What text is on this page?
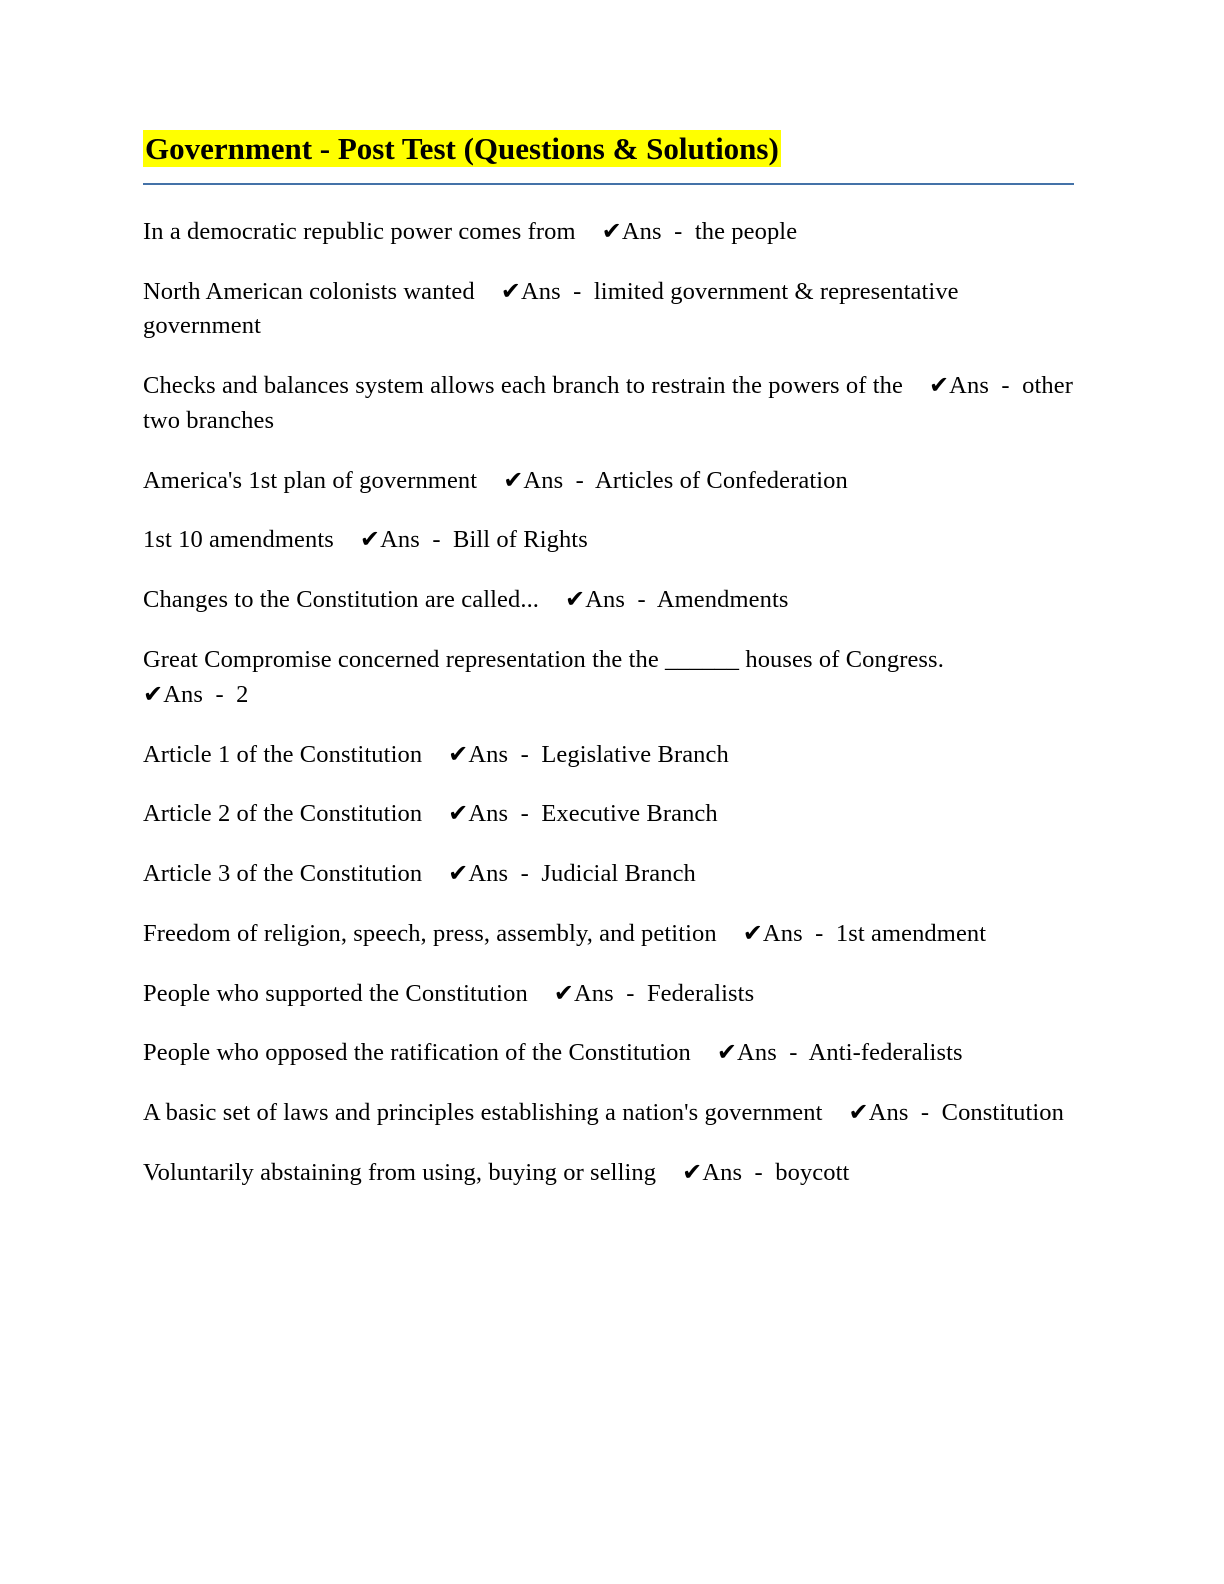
Government - Post Test (Questions & Solutions)

In a democratic republic power comes from ✔Ans  -  the people

North American colonists wanted ✔Ans  -  limited government & representative government

Checks and balances system allows each branch to restrain the powers of the ✔Ans  -  other two branches

America's 1st plan of government ✔Ans  -  Articles of Confederation

1st 10 amendments ✔Ans  -  Bill of Rights

Changes to the Constitution are called... ✔Ans  -  Amendments

Great Compromise concerned representation the the ______ houses of Congress.✔Ans  -  2

Article 1 of the Constitution ✔Ans  -  Legislative Branch

Article 2 of the Constitution ✔Ans  -  Executive Branch

Article 3 of the Constitution ✔Ans  -  Judicial Branch

Freedom of religion, speech, press, assembly, and petition ✔Ans  -  1st amendment

People who supported the Constitution ✔Ans  -  Federalists

People who opposed the ratification of the Constitution ✔Ans  -  Anti-federalists

A basic set of laws and principles establishing a nation's government ✔Ans  -  Constitution

Voluntarily abstaining from using, buying or selling ✔Ans  -  boycott
